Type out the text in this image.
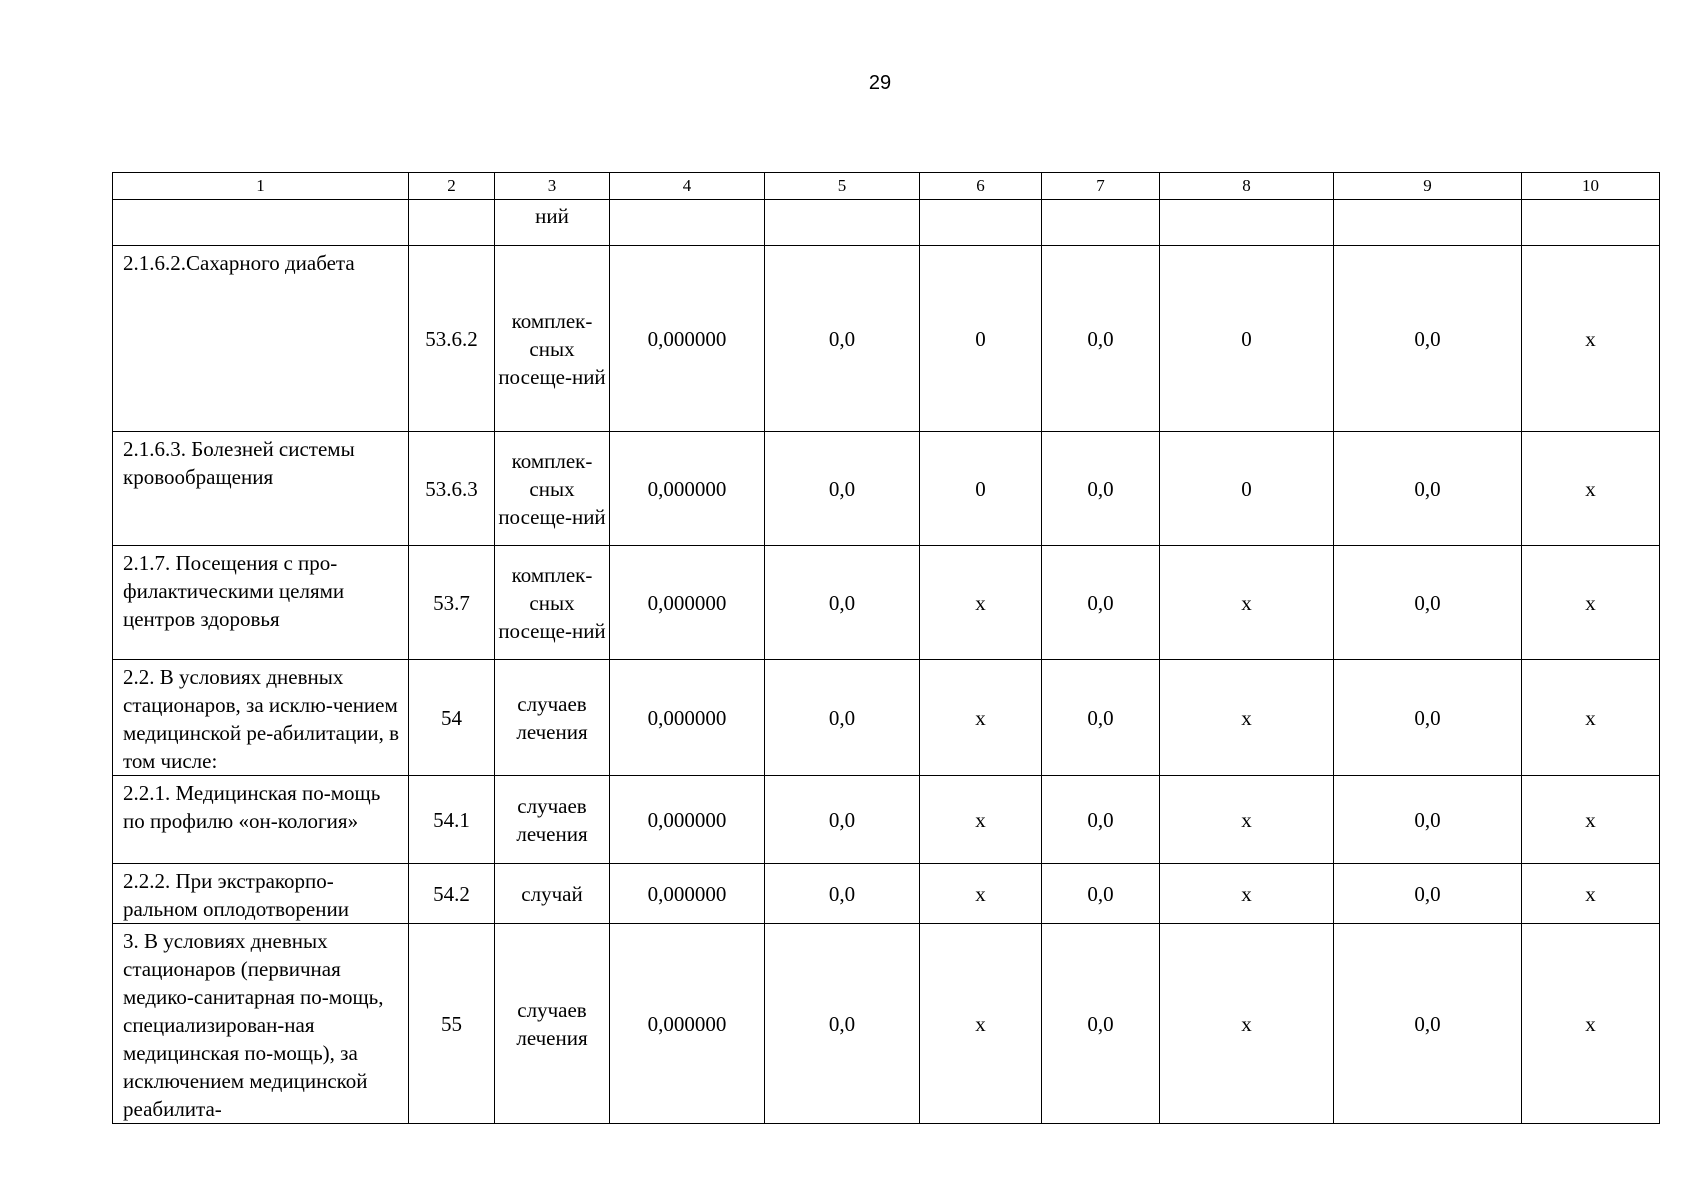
29
1	2	3	4	5	6	7	8	9	10
		ний							
2.1.6.2.Сахарного диабета	53.6.2	комплек-сных посеще-ний	0,000000	0,0	0	0,0	0	0,0	x
2.1.6.3. Болезней системы кровообращения	53.6.3	комплек-сных посеще-ний	0,000000	0,0	0	0,0	0	0,0	x
2.1.7. Посещения с про-филактическими целями центров здоровья	53.7	комплек-сных посеще-ний	0,000000	0,0	x	0,0	x	0,0	x
2.2. В условиях дневных стационаров, за исклю-чением медицинской ре-абилитации, в том числе:	54	случаев лечения	0,000000	0,0	x	0,0	x	0,0	x
2.2.1. Медицинская по-мощь по профилю «он-кология»	54.1	случаев лечения	0,000000	0,0	x	0,0	x	0,0	x
2.2.2. При экстракорпо-ральном оплодотворении	54.2	случай	0,000000	0,0	x	0,0	x	0,0	x
3. В условиях дневных стационаров (первичная медико-санитарная по-мощь, специализирован-ная медицинская по-мощь), за исключением медицинской реабилита-	55	случаев лечения	0,000000	0,0	x	0,0	x	0,0	x
